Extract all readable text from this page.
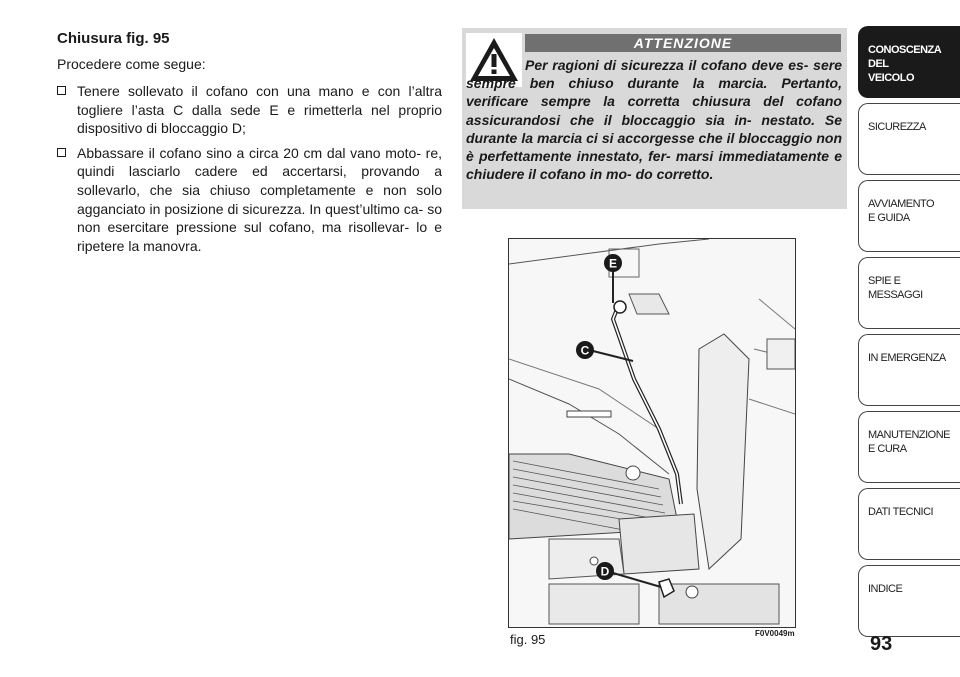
Chiusura fig. 95
Procedere come segue:
Tenere sollevato il cofano con una mano e con l’altra togliere l’asta C dalla sede E e rimetterla nel proprio dispositivo di bloccaggio D;
Abbassare il cofano sino a circa 20 cm dal vano moto- re, quindi lasciarlo cadere ed accertarsi, provando a sollevarlo, che sia chiuso completamente e non solo agganciato in posizione di sicurezza. In quest’ultimo ca- so non esercitare pressione sul cofano, ma risollevar- lo e ripetere la manovra.
ATTENZIONE
Per ragioni di sicurezza il cofano deve es- sere sempre ben chiuso durante la marcia. Pertanto, verificare sempre la corretta chiusura del cofano assicurandosi che il bloccaggio sia in- nestato. Se durante la marcia ci si accorgesse che il bloccaggio non è perfettamente innestato, fer- marsi immediatamente e chiudere il cofano in mo- do corretto.
E
C
D
fig. 95	F0V0049m
CONOSCENZA
DEL
VEICOLO
SICUREZZA
AVVIAMENTO
E GUIDA
SPIE E
MESSAGGI
IN EMERGENZA
MANUTENZIONE
E CURA
DATI TECNICI
INDICE
93
